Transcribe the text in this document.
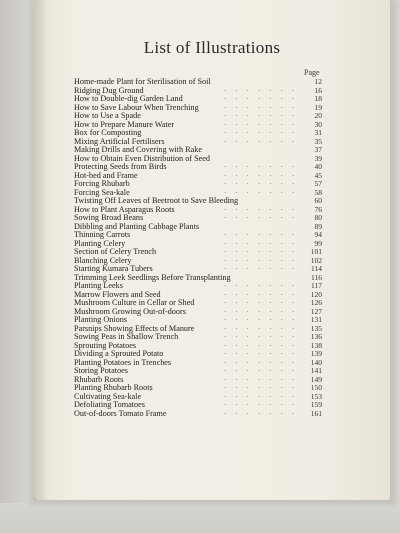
List of Illustrations
Page
Home-made Plant for Sterilisation of Soil	12
Ridging Dug Ground	······· 16
How to Double-dig Garden Land	······· 18
How to Save Labour When Trenching	······· 19
How to Use a Spade	······· 20
How to Prepare Manure Water	······· 30
Box for Composting	······· 31
Mixing Artificial Fertilisers	······· 35
Making Drills and Covering with Rake	37
How to Obtain Even Distribution of Seed	39
Protecting Seeds from Birds	······· 40
Hot-bed and Frame	······· 45
Forcing Rhubarb	······· 57
Forcing Sea-kale	······· 58
Twisting Off Leaves of Beetroot to Save Bleeding	60
How to Plant Asparagus Roots	······· 76
Sowing Broad Beans	······· 80
Dibbling and Planting Cabbage Plants	89
Thinning Carrots	······· 94
Planting Celery	······· 99
Section of Celery Trench	······· 101
Blanching Celery	······· 102
Starting Kumara Tubers	······· 114
Trimming Leek Seedlings Before Transplanting	116
Planting Leeks	······· 117
Marrow Flowers and Seed	······· 120
Mushroom Culture in Cellar or Shed	······· 126
Mushroom Growing Out-of-doors	······· 127
Planting Onions	······· 131
Parsnips Showing Effects of Manure	······· 135
Sowing Peas in Shallow Trench	······· 136
Sprouting Potatoes	······· 138
Dividing a Sprouted Potato	······· 139
Planting Potatoes in Trenches	······· 140
Storing Potatoes	······· 141
Rhubarb Roots	······· 149
Planting Rhubarb Roots	······· 150
Cultivating Sea-kale	······· 153
Defoliating Tomatoes	······· 159
Out-of-doors Tomato Frame	······· 161
